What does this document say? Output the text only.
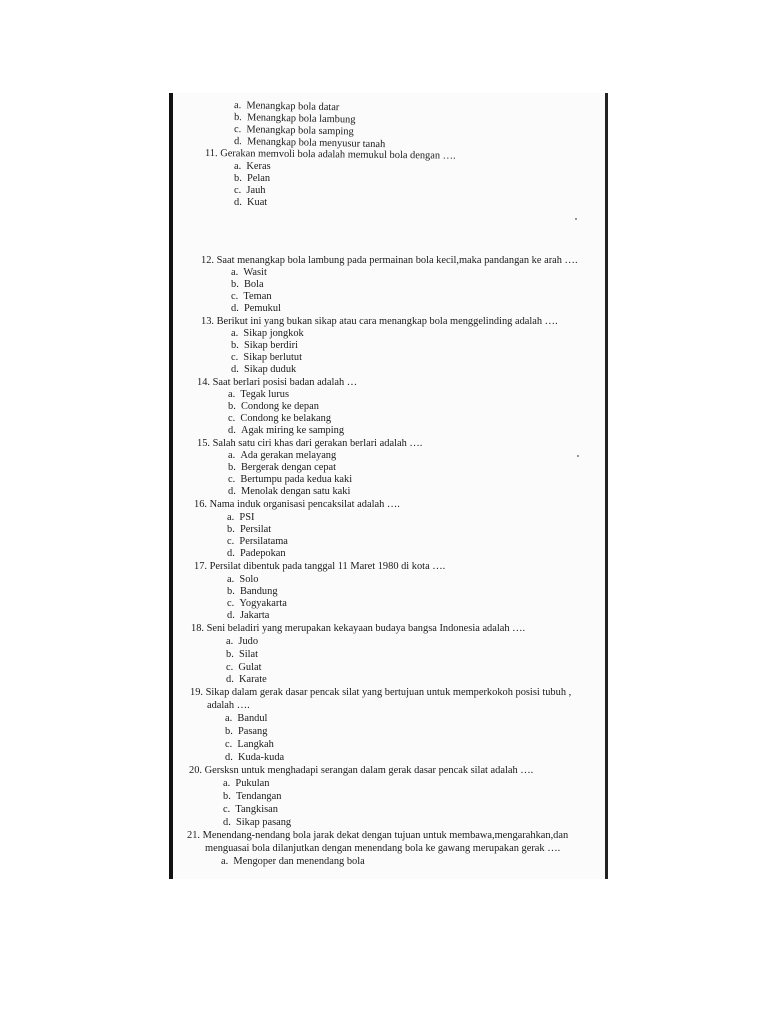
a. Menangkap bola datar
b. Menangkap bola lambung
c. Menangkap bola samping
d. Menangkap bola menyusur tanah
11. Gerakan memvoli bola adalah memukul bola dengan ….
a. Keras
b. Pelan
c. Jauh
d. Kuat
12. Saat menangkap bola lambung pada permainan bola kecil,maka pandangan ke arah ….
a. Wasit
b. Bola
c. Teman
d. Pemukul
13. Berikut ini yang bukan sikap atau cara menangkap bola menggelinding adalah ….
a. Sikap jongkok
b. Sikap berdiri
c. Sikap berlutut
d. Sikap duduk
14. Saat berlari posisi badan adalah …
a. Tegak lurus
b. Condong ke depan
c. Condong ke belakang
d. Agak miring ke samping
15. Salah satu ciri khas dari gerakan berlari adalah ….
a. Ada gerakan melayang
b. Bergerak dengan cepat
c. Bertumpu pada kedua kaki
d. Menolak dengan satu kaki
16. Nama induk organisasi pencaksilat adalah ….
a. PSI
b. Persilat
c. Persilatama
d. Padepokan
17. Persilat dibentuk pada tanggal 11 Maret 1980 di kota ….
a. Solo
b. Bandung
c. Yogyakarta
d. Jakarta
18. Seni beladiri yang merupakan kekayaan budaya bangsa Indonesia adalah ….
a. Judo
b. Silat
c. Gulat
d. Karate
19. Sikap dalam gerak dasar pencak silat yang bertujuan untuk memperkokoh posisi tubuh ,
adalah ….
a. Bandul
b. Pasang
c. Langkah
d. Kuda-kuda
20. Gersksn untuk menghadapi serangan dalam gerak dasar pencak silat adalah ….
a. Pukulan
b. Tendangan
c. Tangkisan
d. Sikap pasang
21. Menendang-nendang bola jarak dekat dengan tujuan untuk membawa,mengarahkan,dan
menguasai bola dilanjutkan dengan menendang bola ke gawang merupakan gerak ….
a. Mengoper dan menendang bola
